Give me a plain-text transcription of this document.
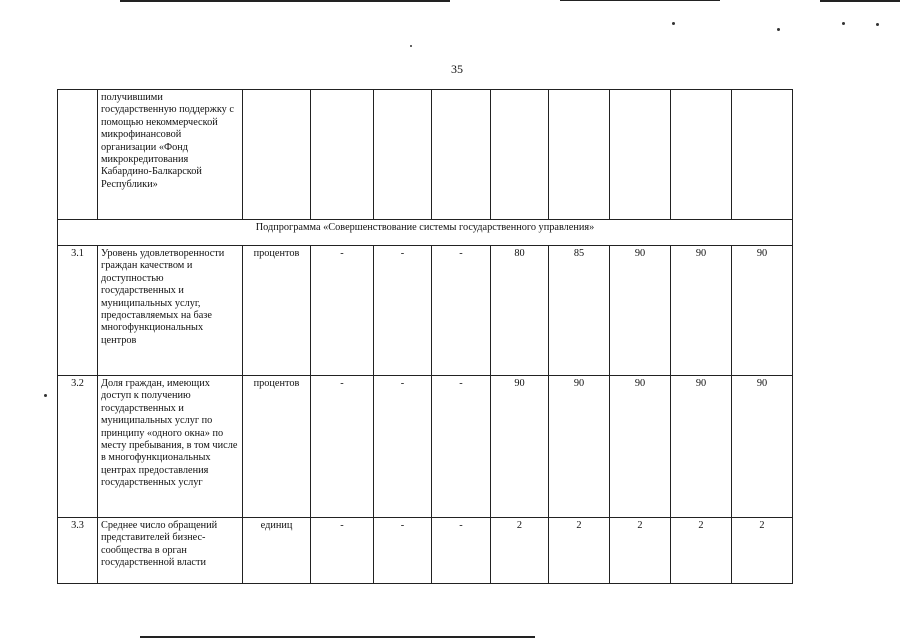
35
	получившими государственную поддержку с помощью некоммерческой микрофинансовой организации «Фонд микрокредитования Кабардино-Балкарской Республики»									
Подпрограмма «Совершенствование системы государственного управления»										
3.1	Уровень удовлетворенности граждан качеством и доступностью государственных и муниципальных услуг, предоставляемых на базе многофункциональных центров	процентов	-	-	-	80	85	90	90	90
3.2	Доля граждан, имеющих доступ к получению государственных и муниципальных услуг по принципу «одного окна» по месту пребывания, в том числе в многофункциональных центрах предоставления государственных услуг	процентов	-	-	-	90	90	90	90	90
3.3	Среднее число обращений представителей бизнес-сообщества в орган государственной власти	единиц	-	-	-	2	2	2	2	2
